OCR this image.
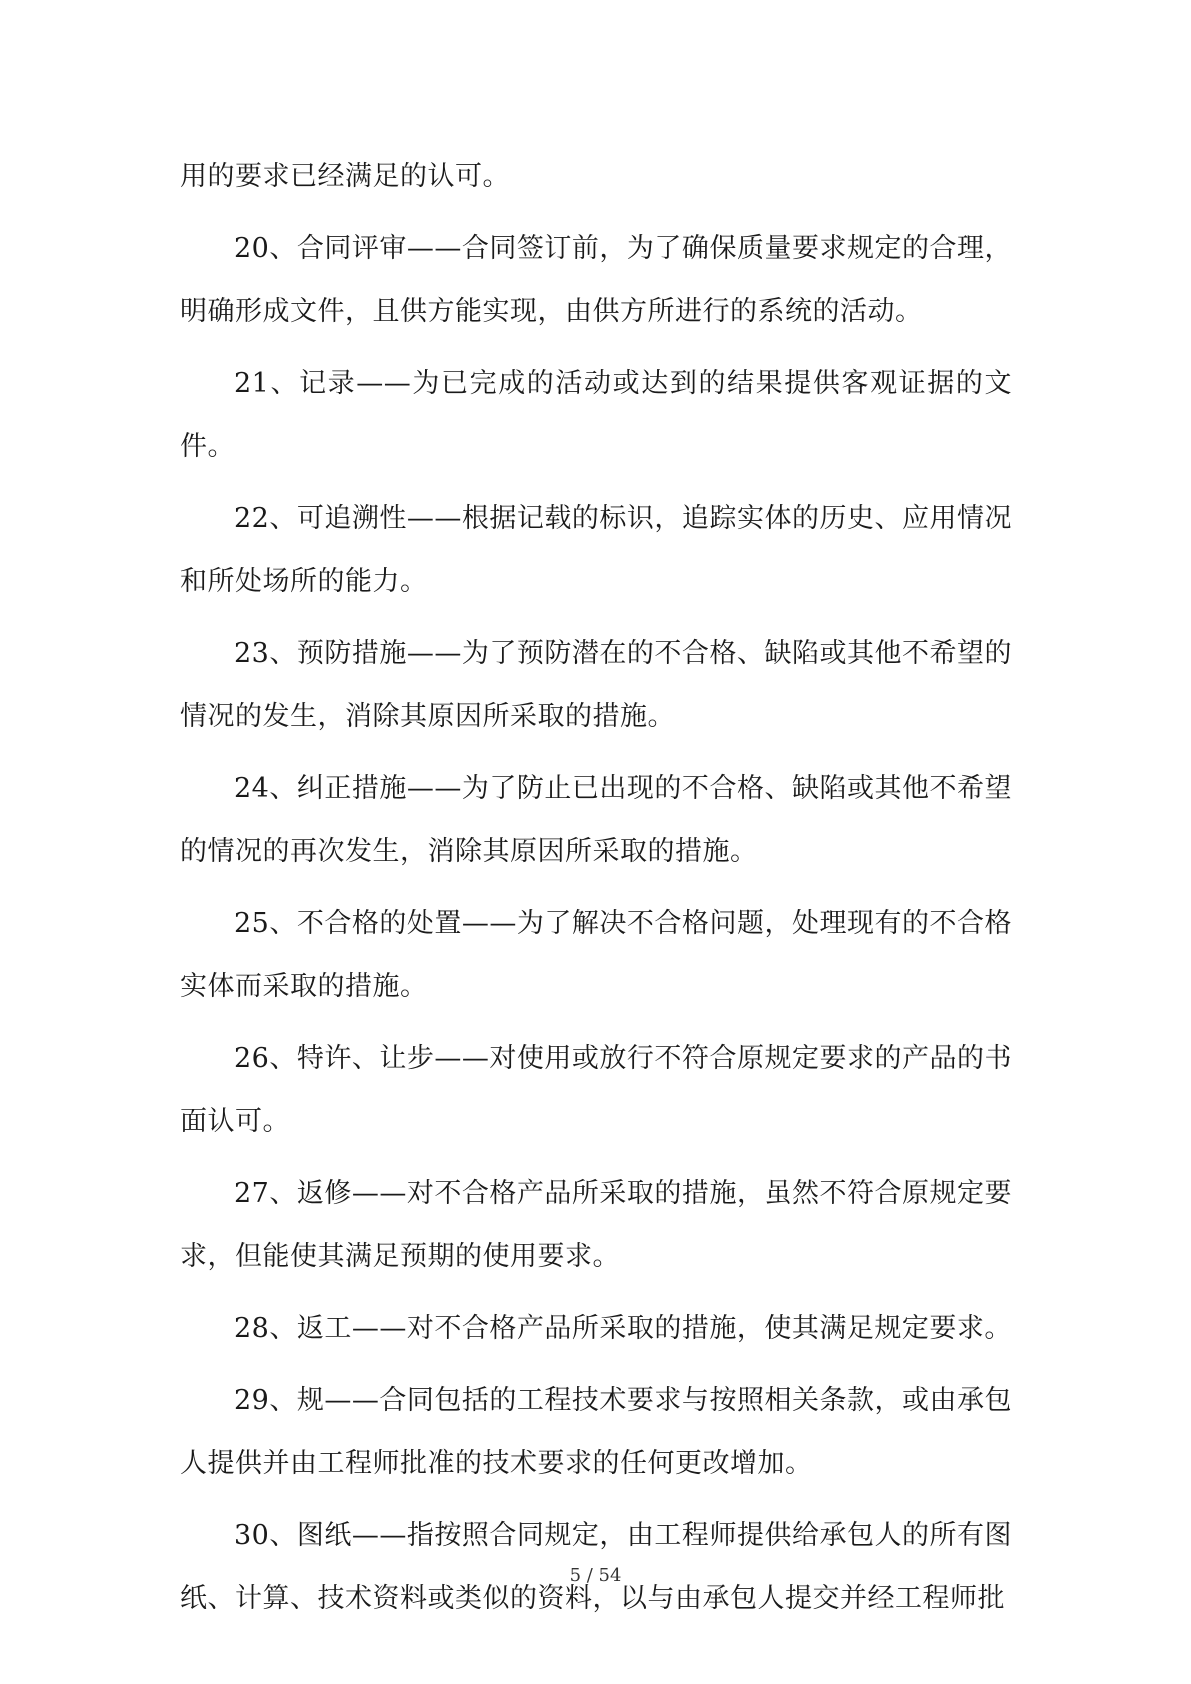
用的要求已经满足的认可。

20、合同评审——合同签订前，为了确保质量要求规定的合理，明确形成文件，且供方能实现，由供方所进行的系统的活动。

21、记录——为已完成的活动或达到的结果提供客观证据的文件。

22、可追溯性——根据记载的标识，追踪实体的历史、应用情况和所处场所的能力。

23、预防措施——为了预防潜在的不合格、缺陷或其他不希望的情况的发生，消除其原因所采取的措施。

24、纠正措施——为了防止已出现的不合格、缺陷或其他不希望的情况的再次发生，消除其原因所采取的措施。

25、不合格的处置——为了解决不合格问题，处理现有的不合格实体而采取的措施。

26、特许、让步——对使用或放行不符合原规定要求的产品的书面认可。

27、返修——对不合格产品所采取的措施，虽然不符合原规定要求，但能使其满足预期的使用要求。

28、返工——对不合格产品所采取的措施，使其满足规定要求。

29、规——合同包括的工程技术要求与按照相关条款，或由承包人提供并由工程师批准的技术要求的任何更改增加。

30、图纸——指按照合同规定，由工程师提供给承包人的所有图纸、计算、技术资料或类似的资料，以与由承包人提交并经工程师批

5 / 54
